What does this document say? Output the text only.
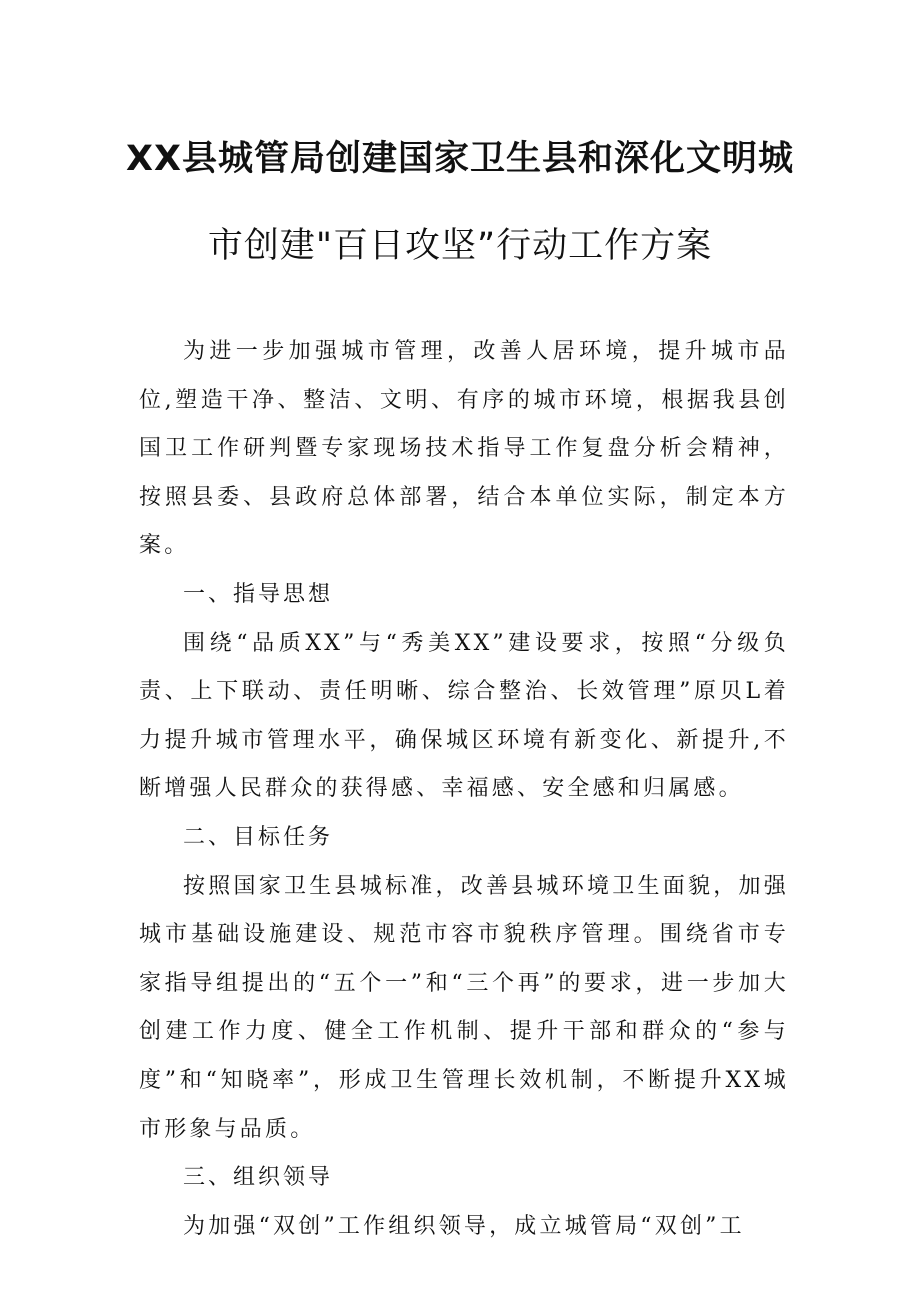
XX县城管局创建国家卫生县和深化文明城
市创建"百日攻坚”行动工作方案

为进一步加强城市管理，改善人居环境，提升城市品位,塑造干净、整洁、文明、有序的城市环境，根据我县创国卫工作研判暨专家现场技术指导工作复盘分析会精神，按照县委、县政府总体部署，结合本单位实际，制定本方案。

一、指导思想

围绕“品质XX”与“秀美XX”建设要求，按照“分级负责、上下联动、责任明晰、综合整治、长效管理”原贝L着力提升城市管理水平，确保城区环境有新变化、新提升,不断增强人民群众的获得感、幸福感、安全感和归属感。

二、目标任务

按照国家卫生县城标准，改善县城环境卫生面貌，加强城市基础设施建设、规范市容市貌秩序管理。围绕省市专家指导组提出的“五个一”和“三个再”的要求，进一步加大创建工作力度、健全工作机制、提升干部和群众的“参与度”和“知晓率”，形成卫生管理长效机制，不断提升XX城市形象与品质。

三、组织领导

为加强“双创”工作组织领导，成立城管局“双创”工
